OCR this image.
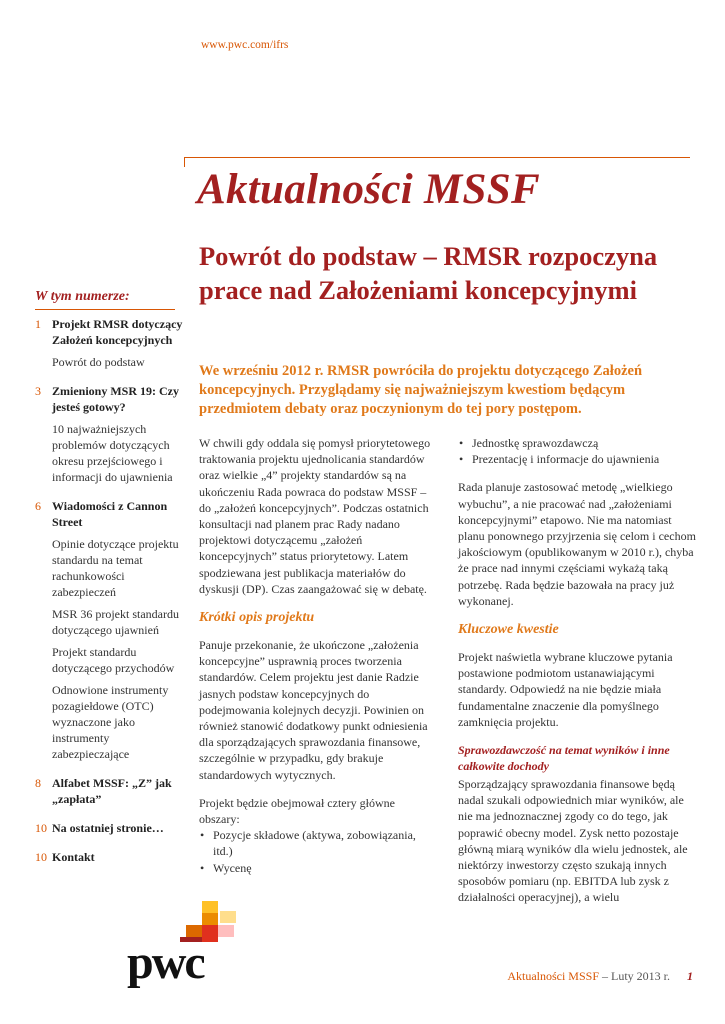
www.pwc.com/ifrs
Aktualności MSSF
Powrót do podstaw – RMSR rozpoczyna prace nad Założeniami koncepcyjnymi
We wrześniu 2012 r. RMSR powróciła do projektu dotyczącego Założeń koncepcyjnych. Przyglądamy się najważniejszym kwestiom będącym przedmiotem debaty oraz poczynionym do tej pory postępom.

W chwili gdy oddala się pomysł priorytetowego traktowania projektu ujednolicania standardów oraz wielkie „4” projekty standardów są na ukończeniu Rada powraca do podstaw MSSF – do „założeń koncepcyjnych”. Podczas ostatnich konsultacji nad planem prac Rady nadano projektowi dotyczącemu „założeń koncepcyjnych” status priorytetowy. Latem spodziewana jest publikacja materiałów do dyskusji (DP). Czas zaangażować się w debatę.

Krótki opis projektu

Panuje przekonanie, że ukończone „założenia koncepcyjne” usprawnią proces tworzenia standardów. Celem projektu jest danie Radzie jasnych podstaw koncepcyjnych do podejmowania kolejnych decyzji. Powinien on również stanowić dodatkowy punkt odniesienia dla sporządzających sprawozdania finansowe, szczególnie w przypadku, gdy brakuje standardowych wytycznych.

Projekt będzie obejmował cztery główne obszary:

• Pozycje składowe (aktywa, zobowiązania, itd.)
• Wycenę
• Jednostkę sprawozdawczą
• Prezentację i informacje do ujawnienia

Rada planuje zastosować metodę „wielkiego wybuchu”, a nie pracować nad „założeniami koncepcyjnymi” etapowo. Nie ma natomiast planu ponownego przyjrzenia się celom i cechom jakościowym (opublikowanym w 2010 r.), chyba że prace nad innymi częściami wykażą taką potrzebę. Rada będzie bazowała na pracy już wykonanej.

Kluczowe kwestie

Projekt naświetla wybrane kluczowe pytania postawione podmiotom ustanawiającymi standardy. Odpowiedź na nie będzie miała fundamentalne znaczenie dla pomyślnego zamknięcia projektu.

Sprawozdawczość na temat wyników i inne całkowite dochody

Sporządzający sprawozdania finansowe będą nadal szukali odpowiednich miar wyników, ale nie ma jednoznacznej zgody co do tego, jak poprawić obecny model. Zysk netto pozostaje główną miarą wyników dla wielu jednostek, ale niektórzy inwestorzy często szukają innych sposobów pomiaru (np. EBITDA lub zysk z działalności operacyjnej), a wielu

W tym numerze:
1 Projekt RMSR dotyczący Założeń koncepcyjnych
Powrót do podstaw
3 Zmieniony MSR 19: Czy jesteś gotowy?
10 najważniejszych problemów dotyczących okresu przejściowego i informacji do ujawnienia
6 Wiadomości z Cannon Street
Opinie dotyczące projektu standardu na temat rachunkowości zabezpieczeń
MSR 36 projekt standardu dotyczącego ujawnień
Projekt standardu dotyczącego przychodów
Odnowione instrumenty pozagiełdowe (OTC) wyznaczone jako instrumenty zabezpieczające
8 Alfabet MSSF: „Z” jak „zapłata”
10 Na ostatniej stronie…
10 Kontakt
pwc	Aktualności MSSF – Luty 2013 r. 1
